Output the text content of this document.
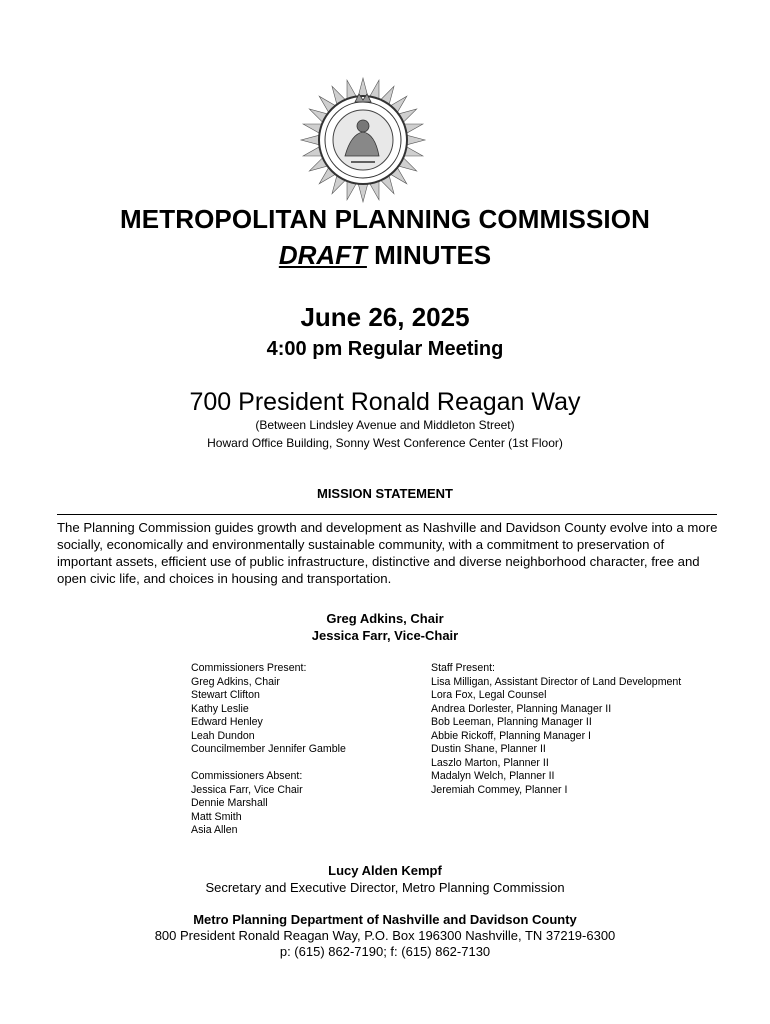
METROPOLITAN PLANNING COMMISSION
DRAFT MINUTES
June 26, 2025
4:00 pm Regular Meeting
700 President Ronald Reagan Way
(Between Lindsley Avenue and Middleton Street)
Howard Office Building, Sonny West Conference Center (1st Floor)
MISSION STATEMENT
The Planning Commission guides growth and development as Nashville and Davidson County evolve into a more socially, economically and environmentally sustainable community, with a commitment to preservation of important assets, efficient use of public infrastructure, distinctive and diverse neighborhood character, free and open civic life, and choices in housing and transportation.
Greg Adkins, Chair
Jessica Farr, Vice-Chair
Commissioners Present:
Greg Adkins, Chair
Stewart Clifton
Kathy Leslie
Edward Henley
Leah Dundon
Councilmember Jennifer Gamble
Commissioners Absent:
Jessica Farr, Vice Chair
Dennie Marshall
Matt Smith
Asia Allen
Staff Present:
Lisa Milligan, Assistant Director of Land Development
Lora Fox, Legal Counsel
Andrea Dorlester, Planning Manager II
Bob Leeman, Planning Manager II
Abbie Rickoff, Planning Manager I
Dustin Shane, Planner II
Laszlo Marton, Planner II
Madalyn Welch, Planner II
Jeremiah Commey, Planner I
Lucy Alden Kempf
Secretary and Executive Director, Metro Planning Commission
Metro Planning Department of Nashville and Davidson County
800 President Ronald Reagan Way, P.O. Box 196300 Nashville, TN 37219-6300
p: (615) 862-7190; f: (615) 862-7130
